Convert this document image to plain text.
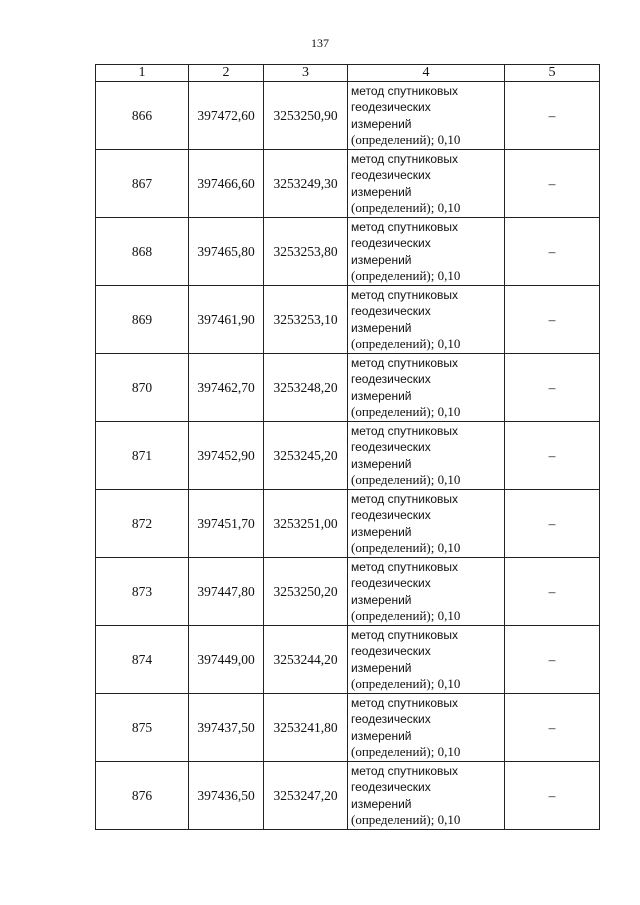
137
1	2	3	4	5
866	397472,60	3253250,90	метод спутниковых
геодезических
измерений
(определений); 0,10	–
867	397466,60	3253249,30	метод спутниковых
геодезических
измерений
(определений); 0,10	–
868	397465,80	3253253,80	метод спутниковых
геодезических
измерений
(определений); 0,10	–
869	397461,90	3253253,10	метод спутниковых
геодезических
измерений
(определений); 0,10	–
870	397462,70	3253248,20	метод спутниковых
геодезических
измерений
(определений); 0,10	–
871	397452,90	3253245,20	метод спутниковых
геодезических
измерений
(определений); 0,10	–
872	397451,70	3253251,00	метод спутниковых
геодезических
измерений
(определений); 0,10	–
873	397447,80	3253250,20	метод спутниковых
геодезических
измерений
(определений); 0,10	–
874	397449,00	3253244,20	метод спутниковых
геодезических
измерений
(определений); 0,10	–
875	397437,50	3253241,80	метод спутниковых
геодезических
измерений
(определений); 0,10	–
876	397436,50	3253247,20	метод спутниковых
геодезических
измерений
(определений); 0,10	–
